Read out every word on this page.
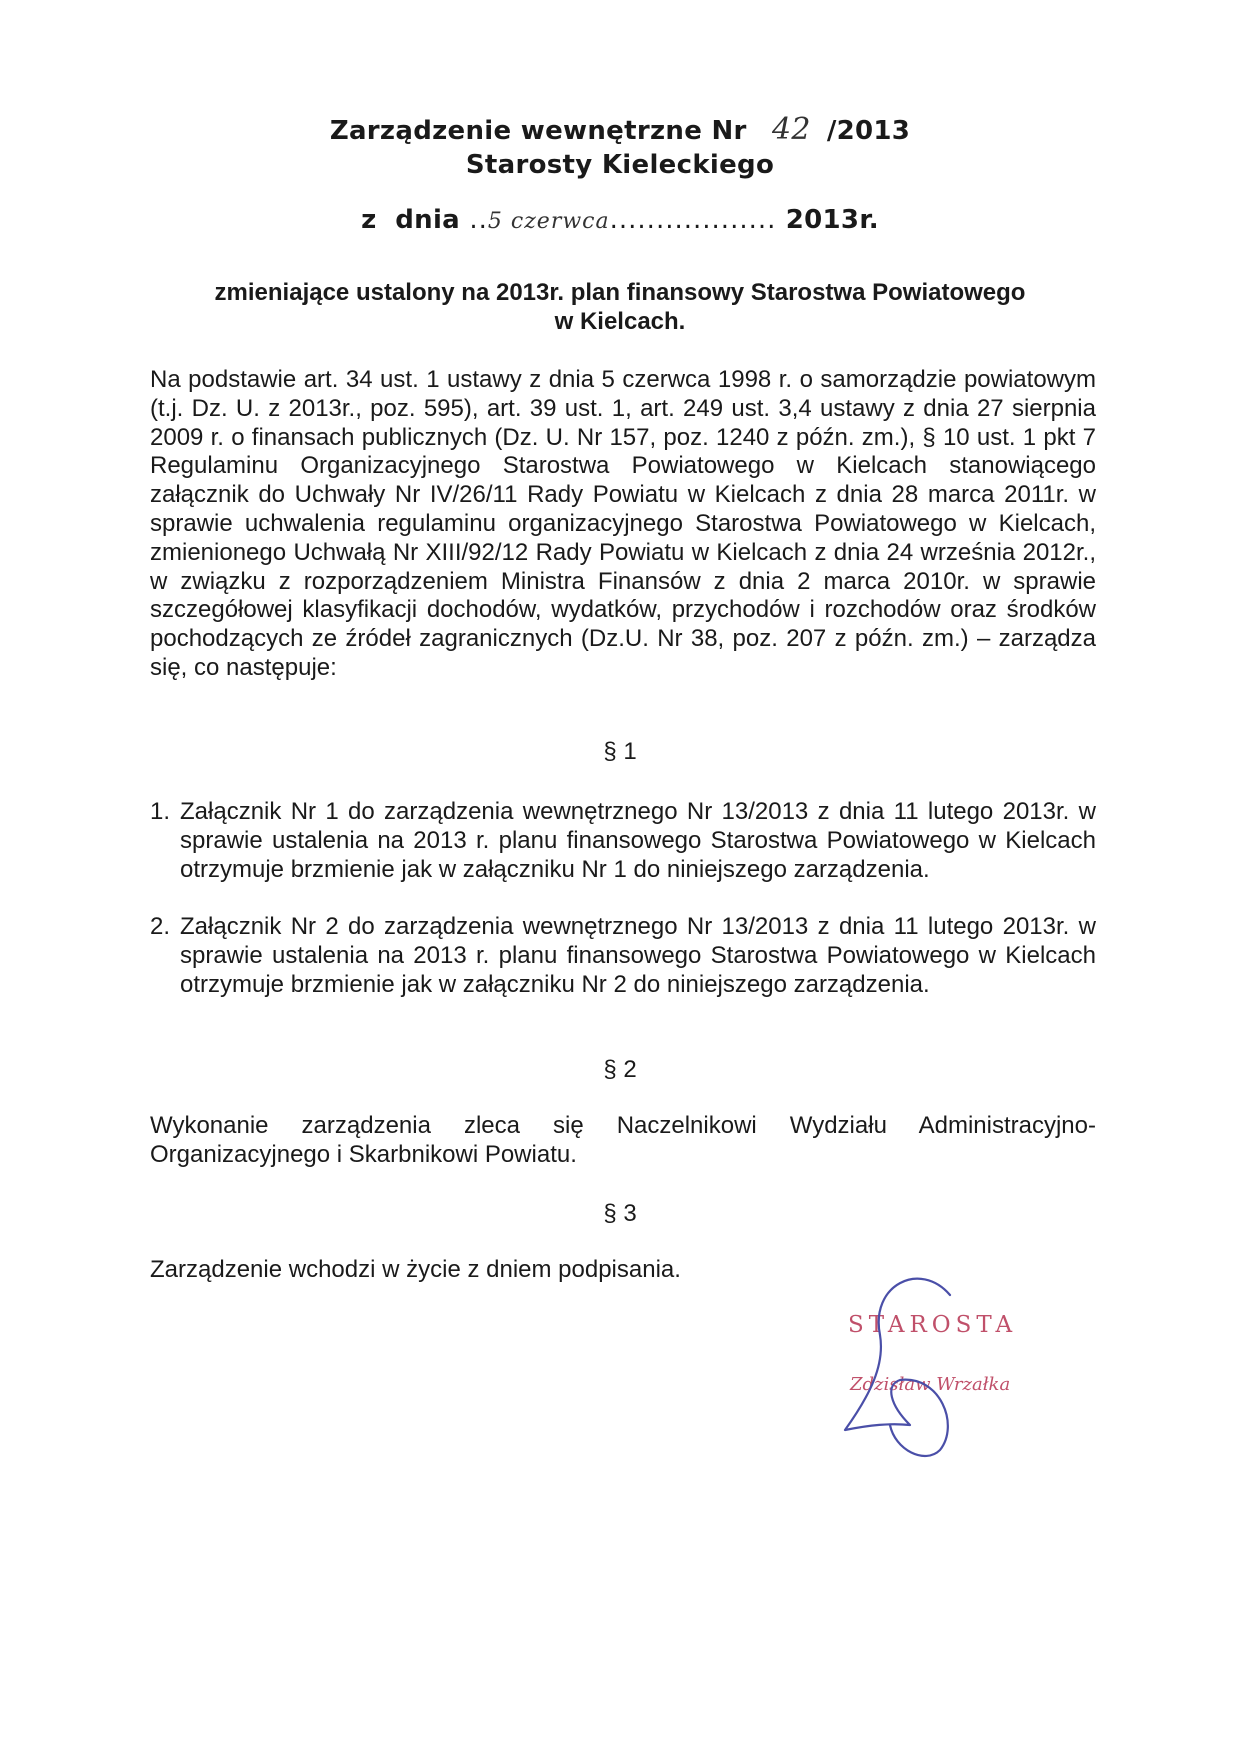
Zarządzenie wewnętrzne Nr 42 /2013
Starosty Kieleckiego
z  dnia ..5 czerwca.................. 2013r.
zmieniające ustalony na 2013r. plan finansowy Starostwa Powiatowego
w Kielcach.
Na podstawie art. 34 ust. 1 ustawy z dnia 5 czerwca 1998 r. o samorządzie powiatowym (t.j. Dz. U. z 2013r., poz. 595), art. 39 ust. 1, art. 249 ust. 3,4 ustawy z dnia 27 sierpnia 2009 r. o finansach publicznych (Dz. U. Nr 157, poz. 1240 z późn. zm.), § 10 ust. 1 pkt 7 Regulaminu Organizacyjnego Starostwa Powiatowego w Kielcach stanowiącego załącznik do Uchwały Nr IV/26/11 Rady Powiatu w Kielcach z dnia 28 marca 2011r. w sprawie uchwalenia regulaminu organizacyjnego Starostwa Powiatowego w Kielcach, zmienionego Uchwałą Nr XIII/92/12 Rady Powiatu w Kielcach z dnia 24 września 2012r., w związku z rozporządzeniem Ministra Finansów z dnia 2 marca 2010r. w sprawie szczegółowej klasyfikacji dochodów, wydatków, przychodów i rozchodów oraz środków pochodzących ze źródeł zagranicznych (Dz.U. Nr 38, poz. 207 z późn. zm.) – zarządza się, co następuje:
§ 1
1. Załącznik Nr 1 do zarządzenia wewnętrznego Nr 13/2013 z dnia 11 lutego 2013r. w sprawie ustalenia na 2013 r. planu finansowego Starostwa Powiatowego w Kielcach otrzymuje brzmienie jak w załączniku Nr 1 do niniejszego zarządzenia.
2. Załącznik Nr 2 do zarządzenia wewnętrznego Nr 13/2013 z dnia 11 lutego 2013r. w sprawie ustalenia na 2013 r. planu finansowego Starostwa Powiatowego w Kielcach otrzymuje brzmienie jak w załączniku Nr 2 do niniejszego zarządzenia.
§ 2
Wykonanie zarządzenia zleca się Naczelnikowi Wydziału Administracyjno-Organizacyjnego i Skarbnikowi Powiatu.
§ 3
Zarządzenie wchodzi w życie z dniem podpisania.
STAROSTA
Zdzisław Wrzałka
